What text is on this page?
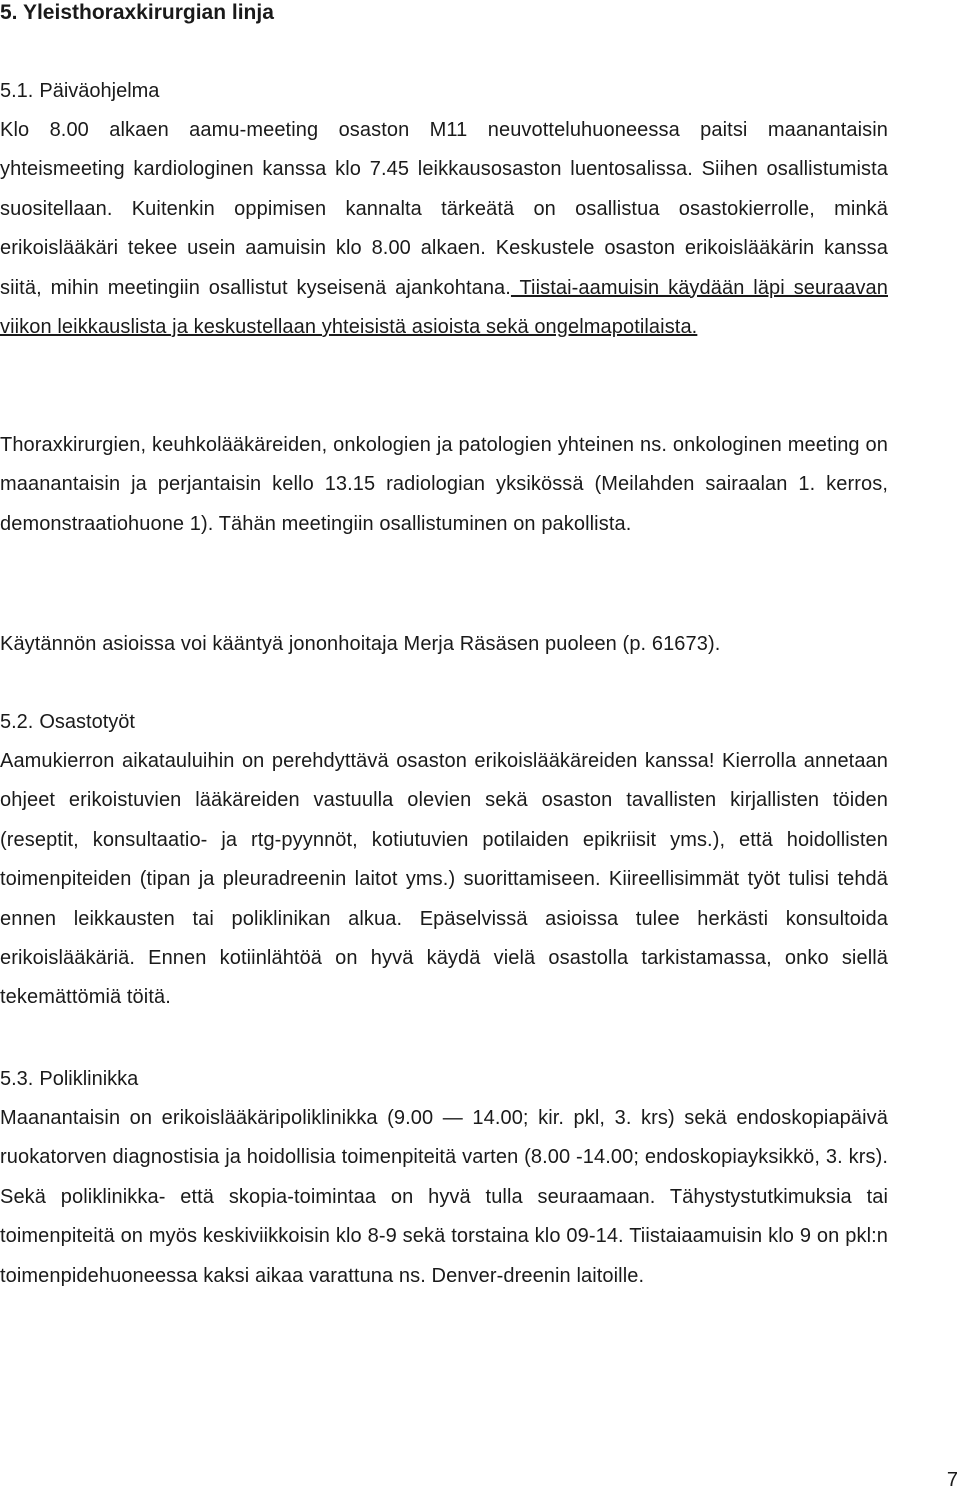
5. Yleisthoraxkirurgian linja
5.1. Päiväohjelma

Klo 8.00 alkaen aamu-meeting osaston M11 neuvotteluhuoneessa paitsi maanantaisin yhteismeeting kardiologinen kanssa klo 7.45 leikkausosaston luentosalissa. Siihen osallistumista suositellaan. Kuitenkin oppimisen kannalta tärkeätä on osallistua osastokierrolle, minkä erikoislääkäri tekee usein aamuisin klo 8.00 alkaen. Keskustele osaston erikoislääkärin kanssa siitä, mihin meetingiin osallistut kyseisenä ajankohtana. Tiistai-aamuisin käydään läpi seuraavan viikon leikkauslista ja keskustellaan yhteisistä asioista sekä ongelmapotilaista.

Thoraxkirurgien, keuhkolääkäreiden, onkologien ja patologien yhteinen ns. onkologinen meeting on maanantaisin ja perjantaisin kello 13.15 radiologian yksikössä (Meilahden sairaalan 1. kerros, demonstraatiohuone 1). Tähän meetingiin osallistuminen on pakollista.

Käytännön asioissa voi kääntyä jononhoitaja Merja Räsäsen puoleen (p. 61673).

5.2. Osastotyöt

Aamukierron aikatauluihin on perehdyttävä osaston erikoislääkäreiden kanssa! Kierrolla annetaan ohjeet erikoistuvien lääkäreiden vastuulla olevien sekä osaston tavallisten kirjallisten töiden (reseptit, konsultaatio- ja rtg-pyynnöt, kotiutuvien potilaiden epikriisit yms.), että hoidollisten toimenpiteiden (tipan ja pleuradreenin laitot yms.) suorittamiseen. Kiireellisimmät työt tulisi tehdä ennen leikkausten tai poliklinikan alkua. Epäselvissä asioissa tulee herkästi konsultoida erikoislääkäriä. Ennen kotiinlähtöä on hyvä käydä vielä osastolla tarkistamassa, onko siellä tekemättömiä töitä.

5.3. Poliklinikka

Maanantaisin on erikoislääkäripoliklinikka (9.00 — 14.00; kir. pkl, 3. krs) sekä endoskopiapäivä ruokatorven diagnostisia ja hoidollisia toimenpiteitä varten (8.00 -14.00; endoskopiayksikkö, 3. krs). Sekä poliklinikka- että skopia-toimintaa on hyvä tulla seuraamaan. Tähystystutkimuksia tai toimenpiteitä on myös keskiviikkoisin klo 8-9 sekä torstaina klo 09-14. Tiistaiaamuisin klo 9 on pkl:n toimenpidehuoneessa kaksi aikaa varattuna ns. Denver-dreenin laitoille.

7
